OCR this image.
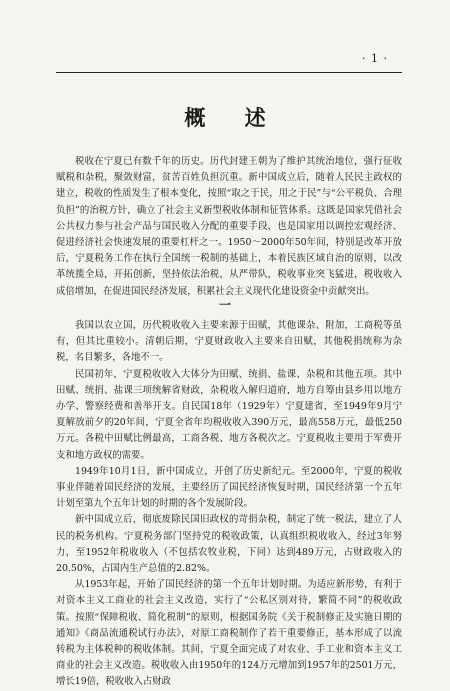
· 1 ·
概 述

税收在宁夏已有数千年的历史。历代封建王朝为了维护其统治地位，强行征收赋税和杂税，聚敛财富，贫苦百姓负担沉重。新中国成立后，随着人民民主政权的建立，税收的性质发生了根本变化，按照“取之于民，用之于民”与“公平税负、合理负担”的治税方针，确立了社会主义新型税收体制和征管体系。这既是国家凭借社会公共权力参与社会产品与国民收入分配的重要手段，也是国家用以调控宏观经济、促进经济社会快速发展的重要杠杆之一。1950～2000年50年间，特别是改革开放后，宁夏税务工作在执行全国统一税制的基础上，本着民族区域自治的原则，以改革统揽全局，开拓创新，坚持依法治税，从严带队，税收事业突飞猛进，税收收入成倍增加，在促进国民经济发展，积累社会主义现代化建设资金中贡献突出。

一

我国以农立国，历代税收收入主要来源于田赋，其他课杂、附加，工商税等虽有，但其比重较小。清朝后期，宁夏财政收入主要来自田赋，其他税捐统称为杂税，名目繁多，各地不一。

民国初年，宁夏税收收入大体分为田赋、统捐、盐课、杂税和其他五项。其中田赋、统捐、盐课三项统解省财政，杂税收入解归道府，地方自筹由县乡用以地方办学、警察经费和善举开支。自民国18年（1929年）宁夏建省，至1949年9月宁夏解放前夕的20年间，宁夏全省年均税收收入390万元，最高558万元，最低250万元。各税中田赋比例最高，工商各税、地方各税次之。宁夏税收主要用于军费开支和地方政权的需要。

1949年10月1日，新中国成立，开创了历史新纪元。至2000年，宁夏的税收事业伴随着国民经济的发展，主要经历了国民经济恢复时期，国民经济第一个五年计划至第九个五年计划的时期的各个发展阶段。

新中国成立后，彻底废除民国旧政权的苛捐杂税，制定了统一税法，建立了人民的税务机构。宁夏税务部门坚持党的税收政策，认真组织税收收入，经过3年努力，至1952年税收收入（不包括农牧业税，下同）达到489万元，占财政收入的20.50%，占国内生产总值的2.82%。

从1953年起，开始了国民经济的第一个五年计划时期。为适应新形势，有利于对资本主义工商业的社会主义改造，实行了“公私区别对待，繁简不同”的税收政策。按照“保障税收、简化税制”的原则，根据国务院《关于税制修正及实施日期的通知》《商品流通税试行办法》，对原工商税制作了若干重要修正，基本形成了以流转税为主体税种的税收体制。其间，宁夏全面完成了对农业、手工业和资本主义工商业的社会主义改造。税收收入由1950年的124万元增加到1957年的2501万元，增长19倍，税收收入占财政
